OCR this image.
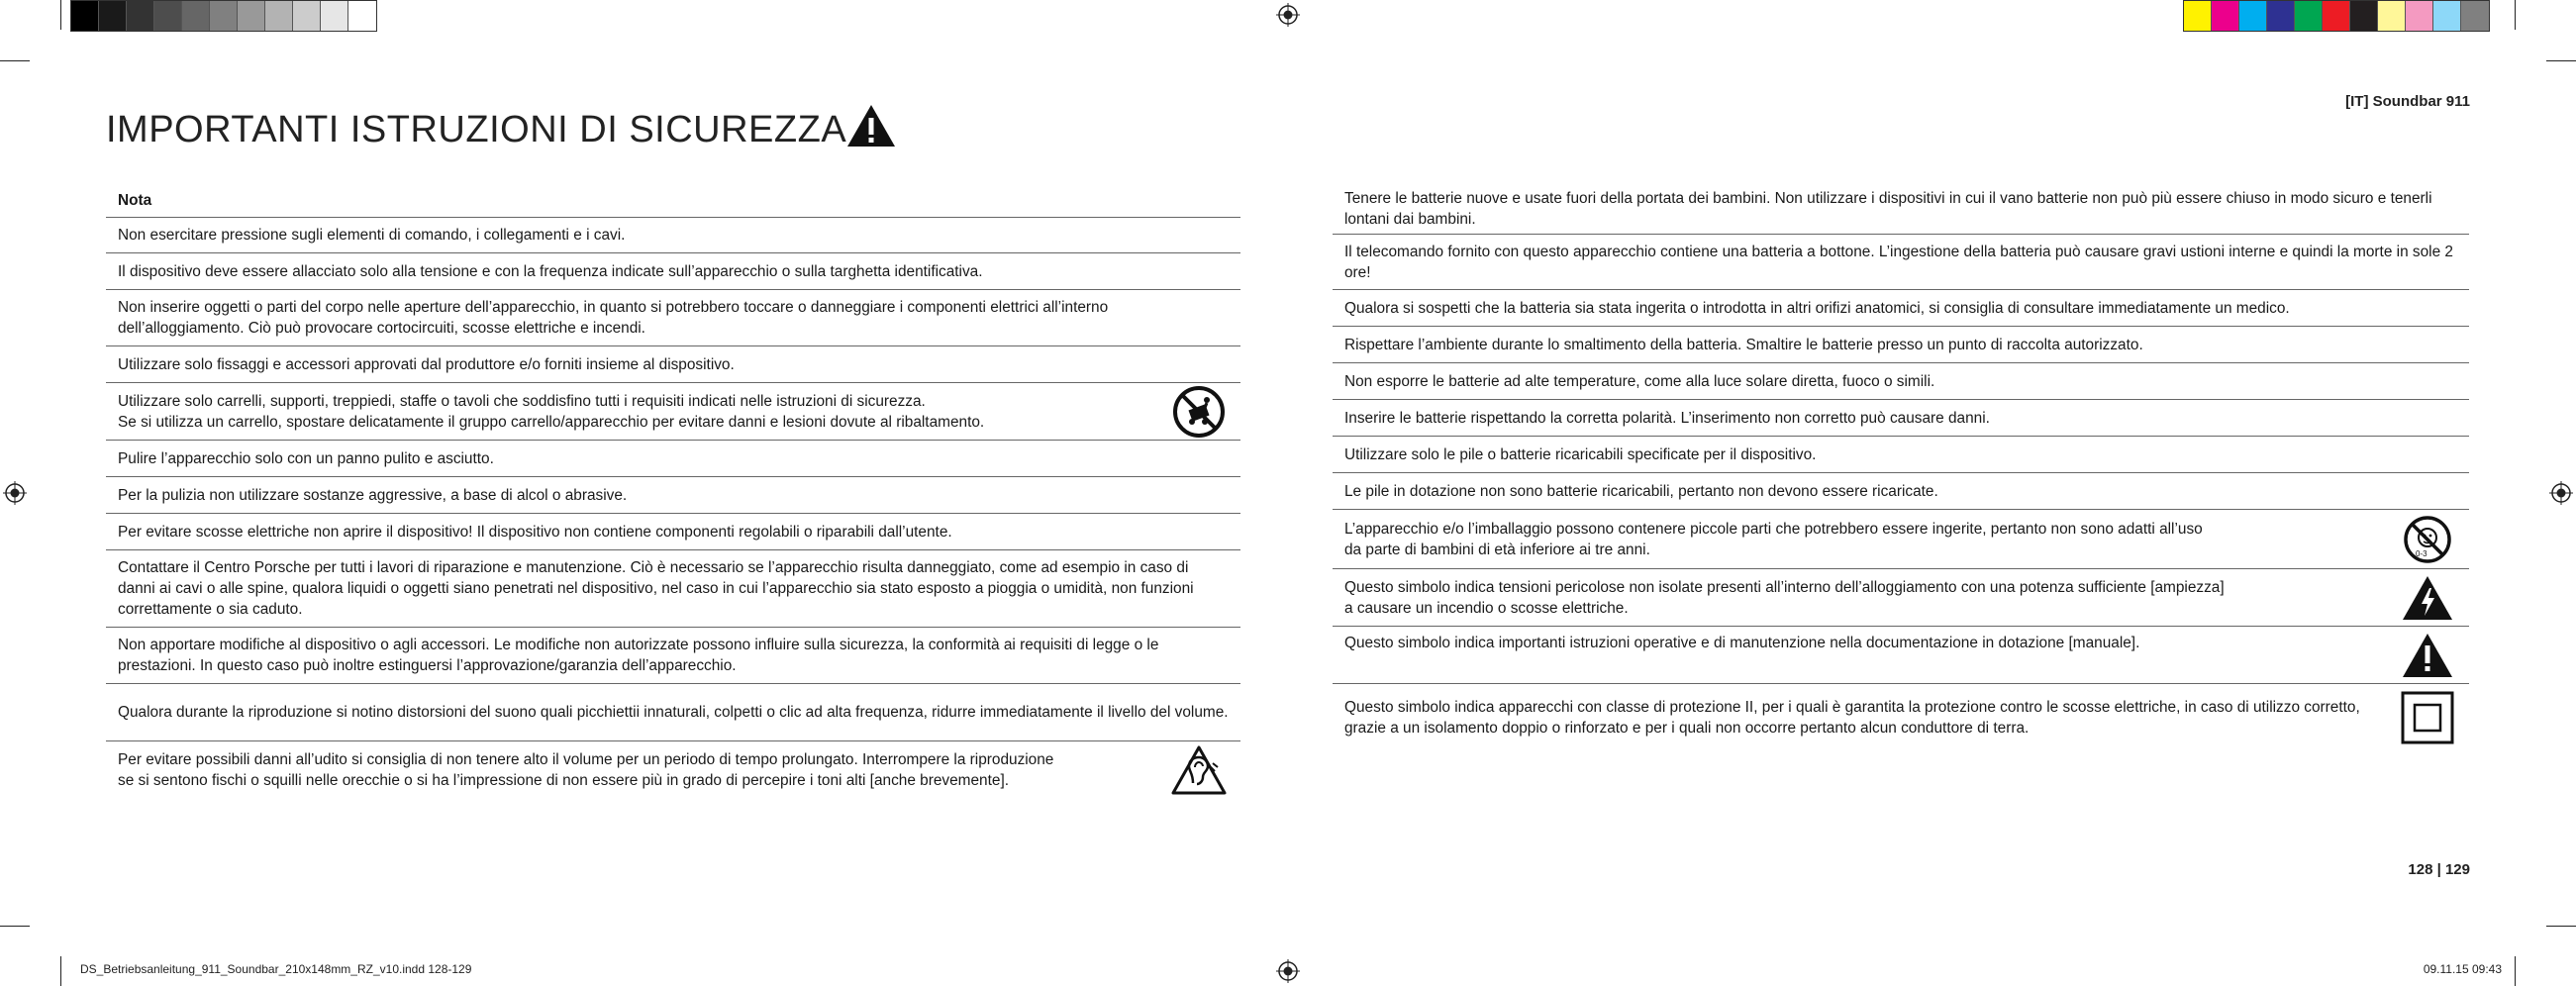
IMPORTANTI ISTRUZIONI DI SICUREZZA
[IT] Soundbar 911
Nota
Non esercitare pressione sugli elementi di comando, i collegamenti e i cavi.
Il dispositivo deve essere allacciato solo alla tensione e con la frequenza indicate sull’apparecchio o sulla targhetta identificativa.
Non inserire oggetti o parti del corpo nelle aperture dell’apparecchio, in quanto si potrebbero toccare o danneggiare i componenti elettrici all’interno dell’alloggiamento. Ciò può provocare cortocircuiti, scosse elettriche e incendi.
Utilizzare solo fissaggi e accessori approvati dal produttore e/o forniti insieme al dispositivo.
Utilizzare solo carrelli, supporti, treppiedi, staffe o tavoli che soddisfino tutti i requisiti indicati nelle istruzioni di sicurezza.
Se si utilizza un carrello, spostare delicatamente il gruppo carrello/apparecchio per evitare danni e lesioni dovute al ribaltamento.
Pulire l’apparecchio solo con un panno pulito e asciutto.
Per la pulizia non utilizzare sostanze aggressive, a base di alcol o abrasive.
Per evitare scosse elettriche non aprire il dispositivo! Il dispositivo non contiene componenti regolabili o riparabili dall’utente.
Contattare il Centro Porsche per tutti i lavori di riparazione e manutenzione. Ciò è necessario se l’apparecchio risulta danneggiato, come ad esempio in caso di danni ai cavi o alle spine, qualora liquidi o oggetti siano penetrati nel dispositivo, nel caso in cui l’apparecchio sia stato esposto a pioggia o umidità, non funzioni correttamente o sia caduto.
Non apportare modifiche al dispositivo o agli accessori. Le modifiche non autorizzate possono influire sulla sicurezza, la conformità ai requisiti di legge o le prestazioni. In questo caso può inoltre estinguersi l’approvazione/garanzia dell’apparecchio.
Qualora durante la riproduzione si notino distorsioni del suono quali picchiettii innaturali, colpetti o clic ad alta frequenza, ridurre immediatamente il livello del volume.
Per evitare possibili danni all’udito si consiglia di non tenere alto il volume per un periodo di tempo prolungato. Interrompere la riproduzione
se si sentono fischi o squilli nelle orecchie o si ha l’impressione di non essere più in grado di percepire i toni alti [anche brevemente].
Tenere le batterie nuove e usate fuori della portata dei bambini. Non utilizzare i dispositivi in cui il vano batterie non può più essere chiuso in modo sicuro e tenerli lontani dai bambini.
Il telecomando fornito con questo apparecchio contiene una batteria a bottone. L’ingestione della batteria può causare gravi ustioni interne e quindi la morte in sole 2 ore!
Qualora si sospetti che la batteria sia stata ingerita o introdotta in altri orifizi anatomici, si consiglia di consultare immediatamente un medico.
Rispettare l’ambiente durante lo smaltimento della batteria. Smaltire le batterie presso un punto di raccolta autorizzato.
Non esporre le batterie ad alte temperature, come alla luce solare diretta, fuoco o simili.
Inserire le batterie rispettando la corretta polarità. L’inserimento non corretto può causare danni.
Utilizzare solo le pile o batterie ricaricabili specificate per il dispositivo.
Le pile in dotazione non sono batterie ricaricabili, pertanto non devono essere ricaricate.
L’apparecchio e/o l’imballaggio possono contenere piccole parti che potrebbero essere ingerite, pertanto non sono adatti all’uso
da parte di bambini di età inferiore ai tre anni.	0-3
Questo simbolo indica tensioni pericolose non isolate presenti all’interno dell’alloggiamento con una potenza sufficiente [ampiezza]
a causare un incendio o scosse elettriche.
Questo simbolo indica importanti istruzioni operative e di manutenzione nella documentazione in dotazione [manuale].
Questo simbolo indica apparecchi con classe di protezione II, per i quali è garantita la protezione contro le scosse elettriche, in caso di utilizzo corretto, grazie a un isolamento doppio o rinforzato e per i quali non occorre pertanto alcun conduttore di terra.
128 | 129
DS_Betriebsanleitung_911_Soundbar_210x148mm_RZ_v10.indd 128-129	09.11.15 09:43
